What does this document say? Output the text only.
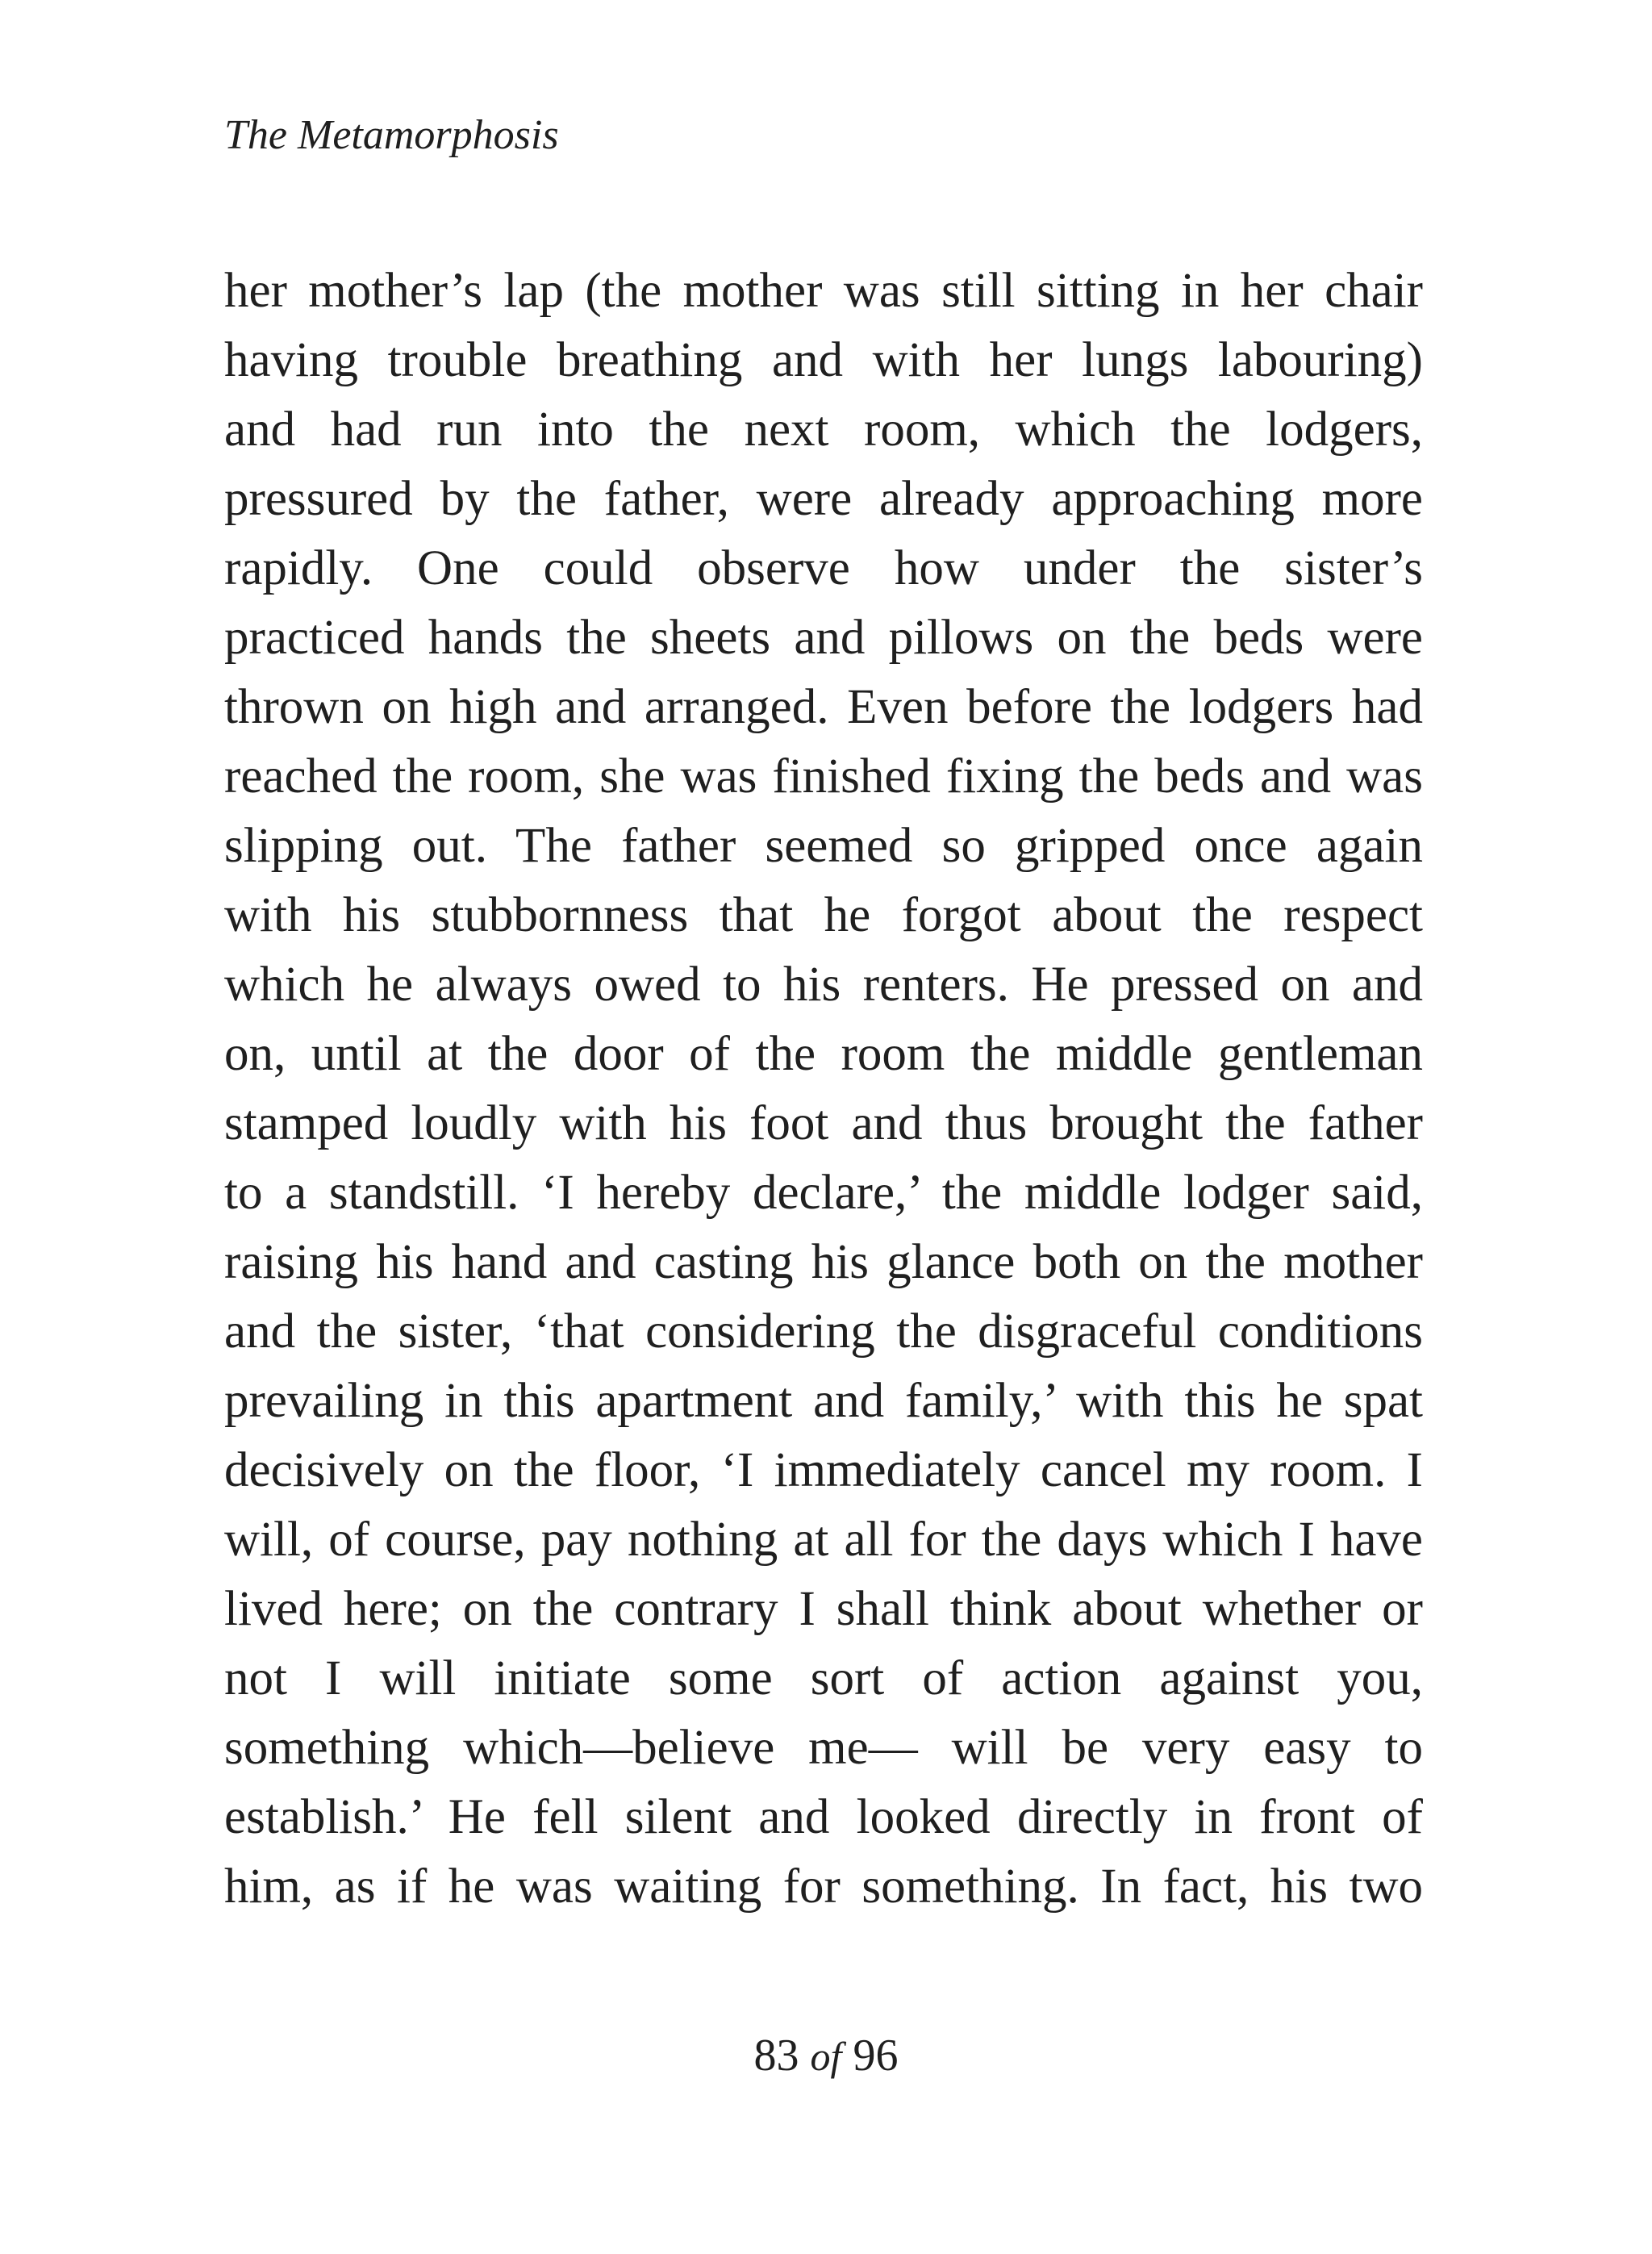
The Metamorphosis
her mother’s lap (the mother was still sitting in her chair
having trouble breathing and with her lungs labouring)
and had run into the next room, which the lodgers,
pressured by the father, were already approaching more
rapidly. One could observe how under the sister’s
practiced hands the sheets and pillows on the beds were
thrown on high and arranged. Even before the lodgers had
reached the room, she was finished fixing the beds and was
slipping out. The father seemed so gripped once again
with his stubbornness that he forgot about the respect
which he always owed to his renters. He pressed on and
on, until at the door of the room the middle gentleman
stamped loudly with his foot and thus brought the father
to a standstill. ‘I hereby declare,’ the middle lodger said,
raising his hand and casting his glance both on the mother
and the sister, ‘that considering the disgraceful conditions
prevailing in this apartment and family,’ with this he spat
decisively on the floor, ‘I immediately cancel my room. I
will, of course, pay nothing at all for the days which I have
lived here; on the contrary I shall think about whether or
not I will initiate some sort of action against you,
something which—believe me— will be very easy to
establish.’ He fell silent and looked directly in front of
him, as if he was waiting for something. In fact, his two
83 of 96
